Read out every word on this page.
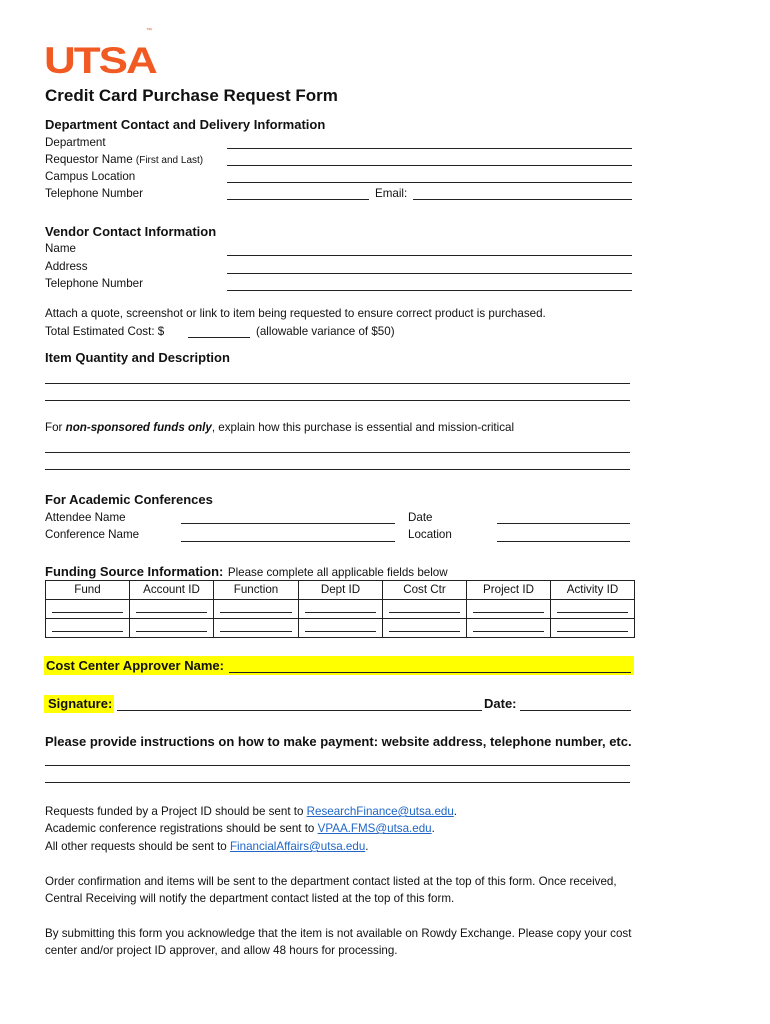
UTSA
™
Credit Card Purchase Request Form
Department Contact and Delivery Information
Department
Requestor Name (First and Last)
Campus Location
Telephone Number	Email:
Vendor Contact Information
Name
Address
Telephone Number
Attach a quote, screenshot or link to item being requested to ensure correct product is purchased.
Total Estimated Cost: $	(allowable variance of $50)
Item Quantity and Description
For non-sponsored funds only, explain how this purchase is essential and mission-critical
For Academic Conferences
Attendee Name
Conference Name
Date
Location
Funding Source Information: Please complete all applicable fields below
Fund	Account ID	Function	Dept ID	Cost Ctr	Project ID	Activity ID
Cost Center Approver Name:
Signature:	Date:
Please provide instructions on how to make payment: website address, telephone number, etc.
Requests funded by a Project ID should be sent to ResearchFinance@utsa.edu.
Academic conference registrations should be sent to VPAA.FMS@utsa.edu.
All other requests should be sent to FinancialAffairs@utsa.edu.
Order confirmation and items will be sent to the department contact listed at the top of this form. Once received,
Central Receiving will notify the department contact listed at the top of this form.
By submitting this form you acknowledge that the item is not available on Rowdy Exchange. Please copy your cost
center and/or project ID approver, and allow 48 hours for processing.
